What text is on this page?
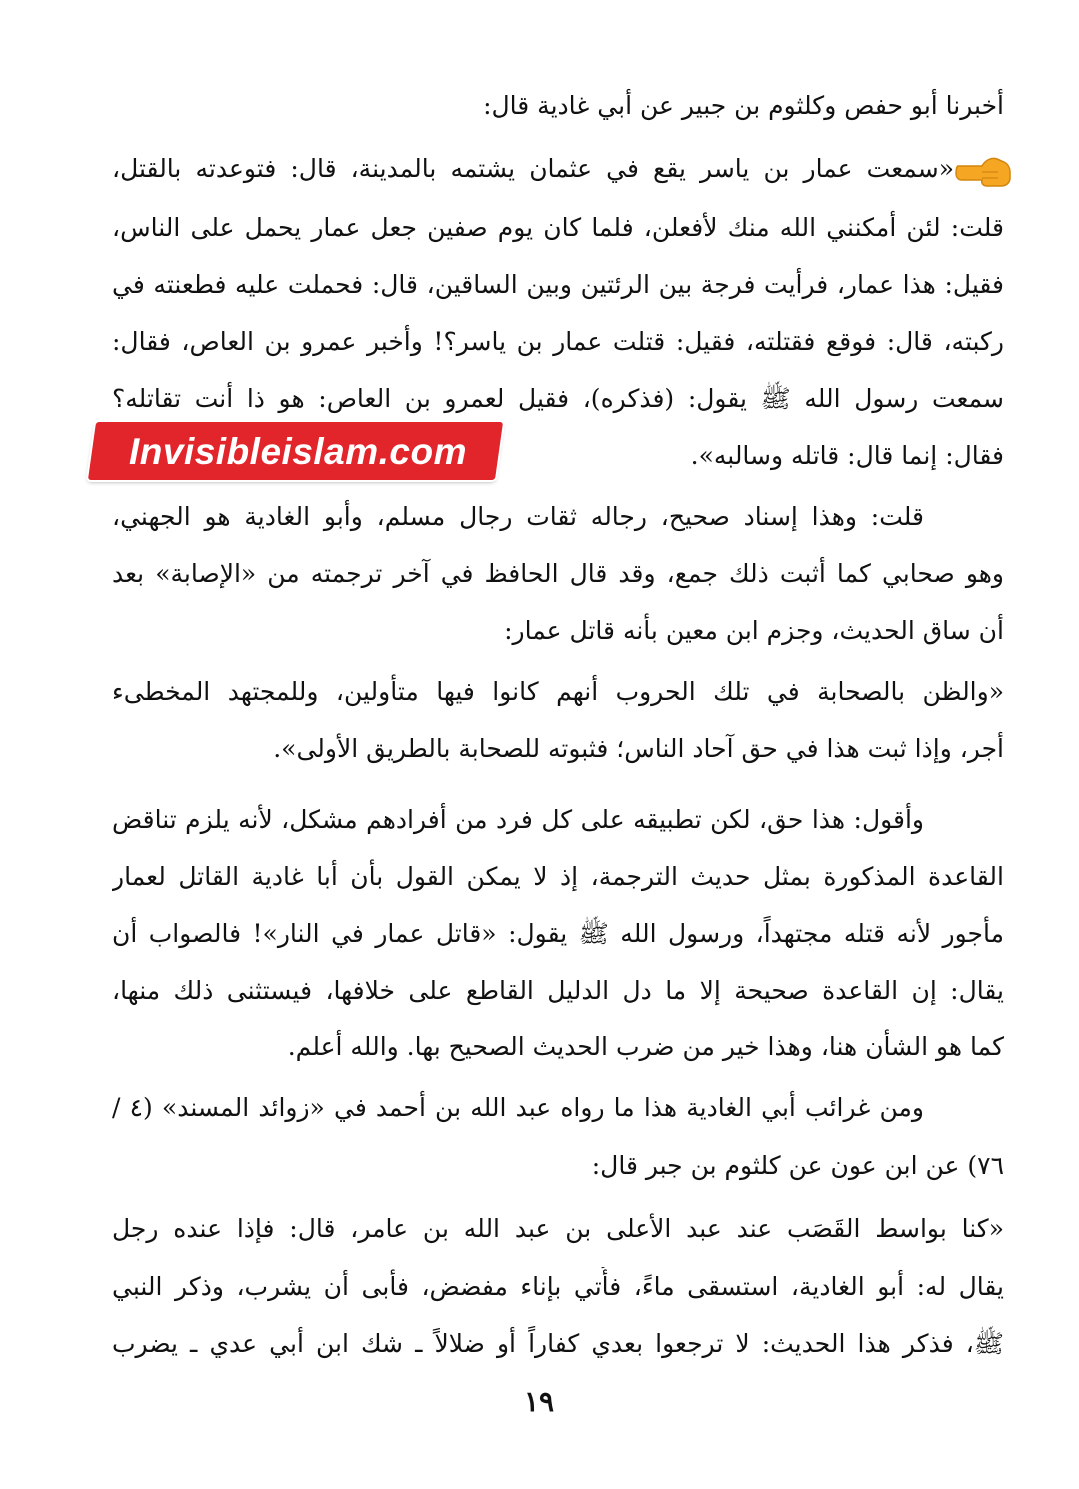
أخبرنا أبو حفص وكلثوم بن جبير عن أبي غادية قال:
«سمعت عمار بن ياسر يقع في عثمان يشتمه بالمدينة، قال: فتوعدته بالقتل،
قلت: لئن أمكنني الله منك لأفعلن، فلما كان يوم صفين جعل عمار يحمل على الناس،
فقيل: هذا عمار، فرأيت فرجة بين الرئتين وبين الساقين، قال: فحملت عليه فطعنته في
ركبته، قال: فوقع فقتلته، فقيل: قتلت عمار بن ياسر؟! وأخبر عمرو بن العاص، فقال:
سمعت رسول الله ﷺ يقول: (فذكره)، فقيل لعمرو بن العاص: هو ذا أنت تقاتله؟
فقال: إنما قال: قاتله وسالبه».
قلت: وهذا إسناد صحيح، رجاله ثقات رجال مسلم، وأبو الغادية هو الجهني،
وهو صحابي كما أثبت ذلك جمع، وقد قال الحافظ في آخر ترجمته من «الإصابة» بعد
أن ساق الحديث، وجزم ابن معين بأنه قاتل عمار:
«والظن بالصحابة في تلك الحروب أنهم كانوا فيها متأولين، وللمجتهد المخطىء
أجر، وإذا ثبت هذا في حق آحاد الناس؛ فثبوته للصحابة بالطريق الأولى».
وأقول: هذا حق، لكن تطبيقه على كل فرد من أفرادهم مشكل، لأنه يلزم تناقض
القاعدة المذكورة بمثل حديث الترجمة، إذ لا يمكن القول بأن أبا غادية القاتل لعمار
مأجور لأنه قتله مجتهداً، ورسول الله ﷺ يقول: «قاتل عمار في النار»! فالصواب أن
يقال: إن القاعدة صحيحة إلا ما دل الدليل القاطع على خلافها، فيستثنى ذلك منها،
كما هو الشأن هنا، وهذا خير من ضرب الحديث الصحيح بها. والله أعلم.
ومن غرائب أبي الغادية هذا ما رواه عبد الله بن أحمد في «زوائد المسند» (٤ /
٧٦) عن ابن عون عن كلثوم بن جبر قال:
«كنا بواسط القَصَب عند عبد الأعلى بن عبد الله بن عامر، قال: فإذا عنده رجل
يقال له: أبو الغادية، استسقى ماءً، فأُتي بإناء مفضض، فأبى أن يشرب، وذكر النبي
ﷺ، فذكر هذا الحديث: لا ترجعوا بعدي كفاراً أو ضلالاً ـ شك ابن أبي عدي ـ يضرب
Invisibleislam.com
١٩
